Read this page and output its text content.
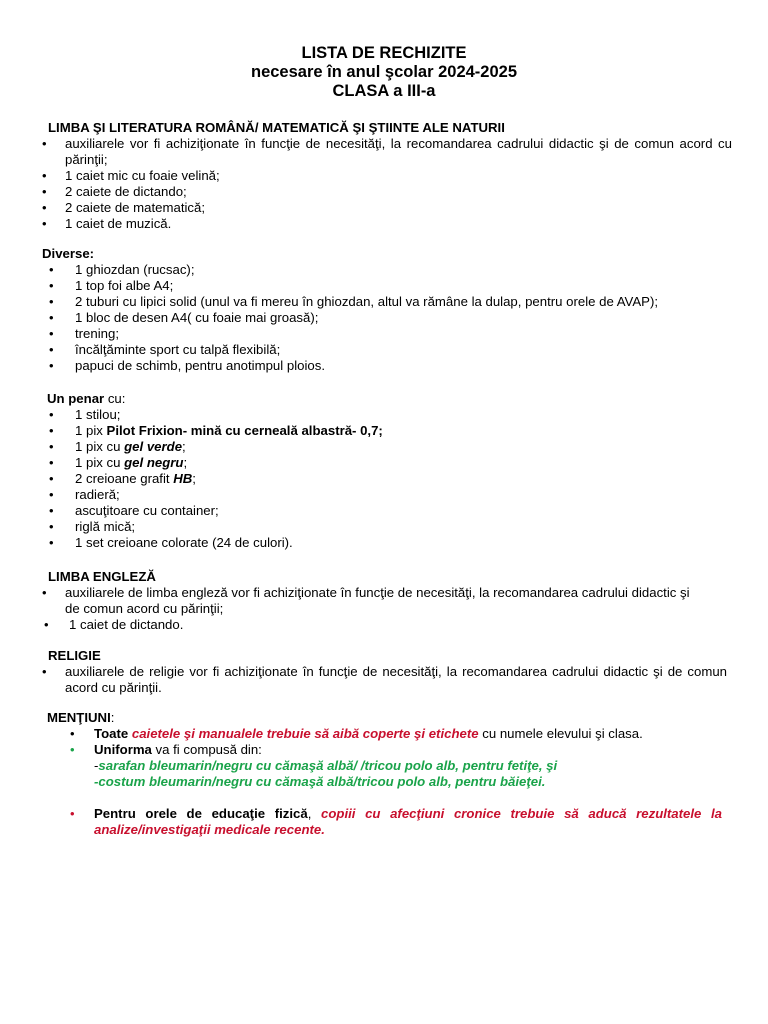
LISTA DE RECHIZITE
necesare în anul şcolar 2024-2025
CLASA a III-a
LIMBA ŞI LITERATURA ROMÂNĂ/ MATEMATICĂ ŞI ŞTIINTE ALE NATURII
• auxiliarele vor fi achiziţionate în funcţie de necesităţi, la recomandarea cadrului didactic şi de comun acord cu părinţii;
• 1 caiet mic cu foaie velină;
• 2 caiete de dictando;
• 2 caiete de matematică;
• 1 caiet de muzică.
Diverse:
• 1 ghiozdan (rucsac);
• 1 top foi albe A4;
• 2 tuburi cu lipici solid (unul va fi mereu în ghiozdan, altul va rămâne la dulap, pentru orele de AVAP);
• 1 bloc de desen A4( cu foaie mai groasă);
• trening;
• încălţăminte sport cu talpă flexibilă;
• papuci de schimb, pentru anotimpul ploios.
Un penar cu:
• 1 stilou;
• 1 pix Pilot Frixion- mină cu cerneală albastră- 0,7;
• 1 pix cu gel verde;
• 1 pix cu gel negru;
• 2 creioane grafit HB;
• radieră;
• ascuţitoare cu container;
• riglă mică;
• 1 set creioane colorate (24 de culori).
LIMBA ENGLEZĂ
• auxiliarele de limba engleză vor fi achiziţionate în funcţie de necesităţi, la recomandarea cadrului didactic şi de comun acord cu părinţii;
• 1 caiet de dictando.
RELIGIE
• auxiliarele de religie vor fi achiziţionate în funcţie de necesităţi, la recomandarea cadrului didactic şi de comun acord cu părinţii.
MENŢIUNI:
• Toate caietele şi manualele trebuie să aibă coperte şi etichete cu numele elevului şi clasa.
• Uniforma va fi compusă din:
-sarafan bleumarin/negru cu cămaşă albă/ /tricou polo alb, pentru fetiţe, şi
-costum bleumarin/negru cu cămaşă albă/tricou polo alb, pentru băieţei.
• Pentru orele de educaţie fizică, copiii cu afecţiuni cronice trebuie să aducă rezultatele la analize/investigaţii medicale recente.
